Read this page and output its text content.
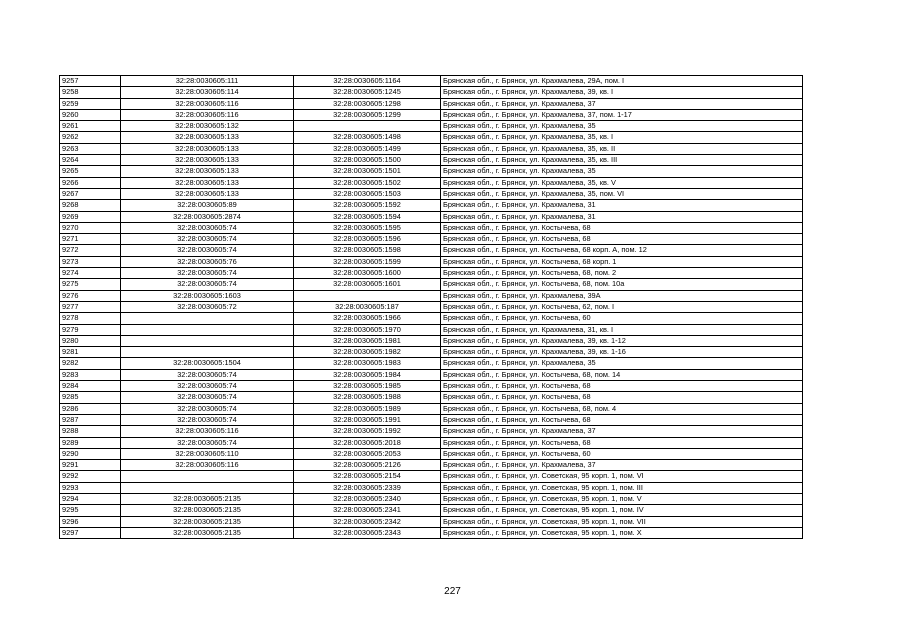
9257	32:28:0030605:111	32:28:0030605:1164	Брянская обл., г. Брянск, ул. Крахмалева, 29А, пом. I
9258	32:28:0030605:114	32:28:0030605:1245	Брянская обл., г. Брянск, ул. Крахмалева, 39, кв. I
9259	32:28:0030605:116	32:28:0030605:1298	Брянская обл., г. Брянск, ул. Крахмалева, 37
9260	32:28:0030605:116	32:28:0030605:1299	Брянская обл., г. Брянск, ул. Крахмалева, 37, пом. 1-17
9261	32:28:0030605:132		Брянская обл., г. Брянск, ул. Крахмалева, 35
9262	32:28:0030605:133	32:28:0030605:1498	Брянская обл., г. Брянск, ул. Крахмалева, 35, кв. I
9263	32:28:0030605:133	32:28:0030605:1499	Брянская обл., г. Брянск, ул. Крахмалева, 35, кв. II
9264	32:28:0030605:133	32:28:0030605:1500	Брянская обл., г. Брянск, ул. Крахмалева, 35, кв. III
9265	32:28:0030605:133	32:28:0030605:1501	Брянская обл., г. Брянск, ул. Крахмалева, 35
9266	32:28:0030605:133	32:28:0030605:1502	Брянская обл., г. Брянск, ул. Крахмалева, 35, кв. V
9267	32:28:0030605:133	32:28:0030605:1503	Брянская обл., г. Брянск, ул. Крахмалева, 35, пом. VI
9268	32:28:0030605:89	32:28:0030605:1592	Брянская обл., г. Брянск, ул. Крахмалева, 31
9269	32:28:0030605:2874	32:28:0030605:1594	Брянская обл., г. Брянск, ул. Крахмалева, 31
9270	32:28:0030605:74	32:28:0030605:1595	Брянская обл., г. Брянск, ул. Костычева, 68
9271	32:28:0030605:74	32:28:0030605:1596	Брянская обл., г. Брянск, ул. Костычева, 68
9272	32:28:0030605:74	32:28:0030605:1598	Брянская обл., г. Брянск, ул. Костычева, 68 корп. А, пом. 12
9273	32:28:0030605:76	32:28:0030605:1599	Брянская обл., г. Брянск, ул. Костычева, 68 корп. 1
9274	32:28:0030605:74	32:28:0030605:1600	Брянская обл., г. Брянск, ул. Костычева, 68, пом. 2
9275	32:28:0030605:74	32:28:0030605:1601	Брянская обл., г. Брянск, ул. Костычева, 68, пом. 10а
9276	32:28:0030605:1603		Брянская обл., г. Брянск, ул. Крахмалева, 39А
9277	32:28:0030605:72	32:28:0030605:187	Брянская обл., г. Брянск, ул. Костычева, 62, пом. I
9278		32:28:0030605:1966	Брянская обл., г. Брянск, ул. Костычева, 60
9279		32:28:0030605:1970	Брянская обл., г. Брянск, ул. Крахмалева, 31, кв. I
9280		32:28:0030605:1981	Брянская обл., г. Брянск, ул. Крахмалева, 39, кв. 1-12
9281		32:28:0030605:1982	Брянская обл., г. Брянск, ул. Крахмалева, 39, кв. 1-16
9282	32:28:0030605:1504	32:28:0030605:1983	Брянская обл., г. Брянск, ул. Крахмалева, 35
9283	32:28:0030605:74	32:28:0030605:1984	Брянская обл., г. Брянск, ул. Костычева, 68, пом. 14
9284	32:28:0030605:74	32:28:0030605:1985	Брянская обл., г. Брянск, ул. Костычева, 68
9285	32:28:0030605:74	32:28:0030605:1988	Брянская обл., г. Брянск, ул. Костычева, 68
9286	32:28:0030605:74	32:28:0030605:1989	Брянская обл., г. Брянск, ул. Костычева, 68, пом. 4
9287	32:28:0030605:74	32:28:0030605:1991	Брянская обл., г. Брянск, ул. Костычева, 68
9288	32:28:0030605:116	32:28:0030605:1992	Брянская обл., г. Брянск, ул. Крахмалева, 37
9289	32:28:0030605:74	32:28:0030605:2018	Брянская обл., г. Брянск, ул. Костычева, 68
9290	32:28:0030605:110	32:28:0030605:2053	Брянская обл., г. Брянск, ул. Костычева, 60
9291	32:28:0030605:116	32:28:0030605:2126	Брянская обл., г. Брянск, ул. Крахмалева, 37
9292		32:28:0030605:2154	Брянская обл., г. Брянск, ул. Советская, 95 корп. 1, пом. VI
9293		32:28:0030605:2339	Брянская обл., г. Брянск, ул. Советская, 95 корп. 1, пом. III
9294	32:28:0030605:2135	32:28:0030605:2340	Брянская обл., г. Брянск, ул. Советская, 95 корп. 1, пом. V
9295	32:28:0030605:2135	32:28:0030605:2341	Брянская обл., г. Брянск, ул. Советская, 95 корп. 1, пом. IV
9296	32:28:0030605:2135	32:28:0030605:2342	Брянская обл., г. Брянск, ул. Советская, 95 корп. 1, пом. VII
9297	32:28:0030605:2135	32:28:0030605:2343	Брянская обл., г. Брянск, ул. Советская, 95 корп. 1, пом. X
227
